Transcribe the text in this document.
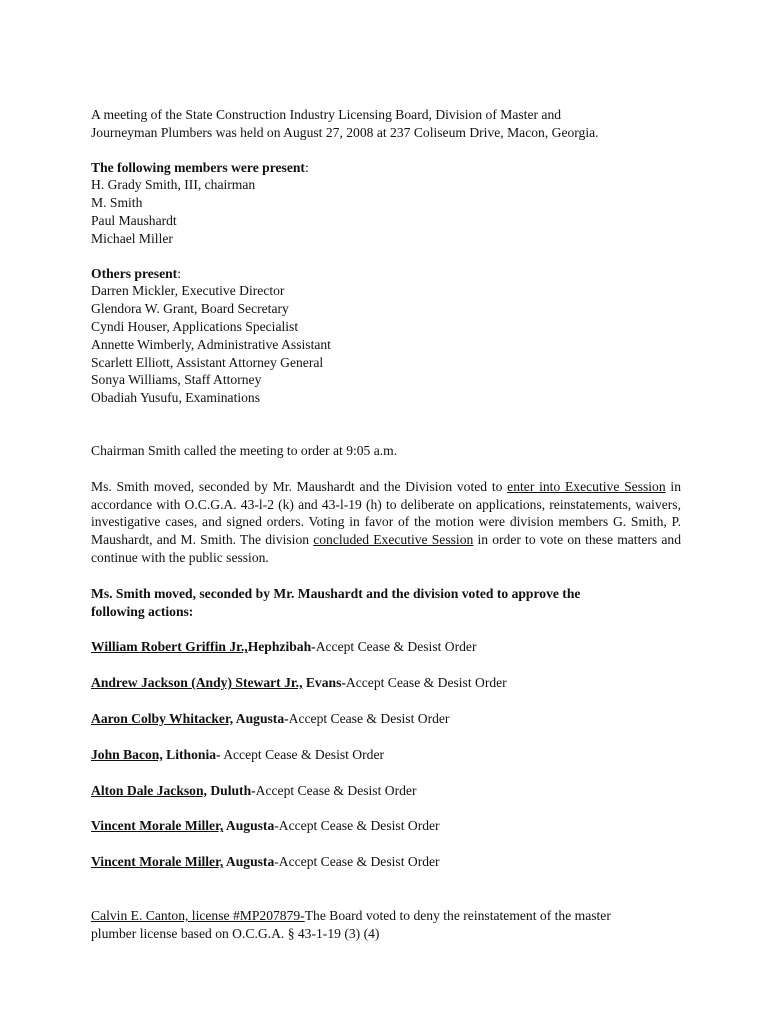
A meeting of the State Construction Industry Licensing Board, Division of Master and

Journeyman Plumbers was held on August 27, 2008 at 237 Coliseum Drive, Macon, Georgia.

The following members were present:

H. Grady Smith, III, chairman
M. Smith
Paul Maushardt
Michael Miller

Others present:

Darren Mickler, Executive Director
Glendora W. Grant, Board Secretary
Cyndi Houser, Applications Specialist
Annette Wimberly, Administrative Assistant
Scarlett Elliott, Assistant Attorney General
Sonya Williams, Staff Attorney
Obadiah Yusufu, Examinations

Chairman Smith called the meeting to order at 9:05 a.m.

Ms. Smith moved, seconded by Mr. Maushardt and the Division voted to enter into Executive Session in accordance with O.C.G.A. 43-l-2 (k) and 43-l-19 (h) to deliberate on applications, reinstatements, waivers, investigative cases, and signed orders. Voting in favor of the motion were division members G. Smith, P. Maushardt, and M. Smith. The division concluded Executive Session in order to vote on these matters and continue with the public session.

Ms. Smith moved, seconded by Mr. Maushardt and the division voted to approve the

following actions:

William Robert Griffin Jr.,Hephzibah-Accept Cease & Desist Order

Andrew Jackson (Andy) Stewart Jr., Evans-Accept Cease & Desist Order

Aaron Colby Whitacker, Augusta-Accept Cease & Desist Order

John Bacon, Lithonia- Accept Cease & Desist Order

Alton Dale Jackson, Duluth-Accept Cease & Desist Order

Vincent Morale Miller, Augusta-Accept Cease & Desist Order

Vincent Morale Miller, Augusta-Accept Cease & Desist Order

Calvin E. Canton, license #MP207879-The Board voted to deny the reinstatement of the master

plumber license based on O.C.G.A. § 43-1-19 (3) (4)
